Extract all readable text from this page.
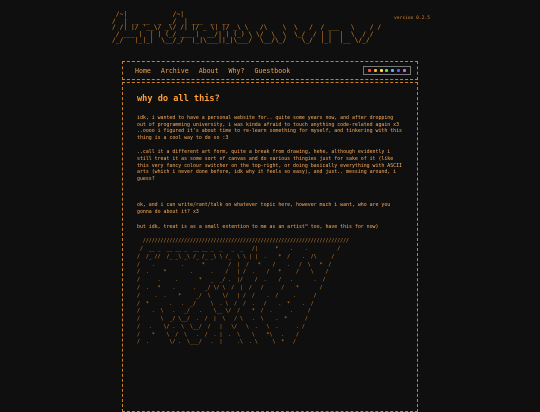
/~|            /~|
/  |  _ __  _  _/  | ___  _  __
/ /| |/ '__\/ _\/ /| |/ _ \| |/ _\ \   /\    \  \   /  / ___   \    / /
/ ___ |  | | (_/ ___ |  __/| | (_) \ \/  \  \  \_/  / | |  |  \  / /
/_/   |_|_|  \__/_/  |_|\___||_|\___/  \__/\_/    \_/  |_|  |__ \/_/
version 0.2.5
Home Archive About Why? Guestbook
why do all this?

idk, i wanted to have a personal website for.. quite some years now, and after dropping out of programming university, i was kinda afraid to touch anything code-related again x3
..oooo i figured it's about time to re-learn something for myself, and tinkering with this thing is a cool way to do so :3

..call it a different art form, quite a break from drawing, hehe, although evidently i still treat it as some sort of canvas and do various thingies just for sake of it (like this very fancy colour switcher on the top-right, or doing basically everything with ASCII arts (which i never done before, idk why it feels so easy), and just.. messing around, i guess?

ok, and i can write/rant/talk on whatever topic here, however much i want, who are you gonna do about it? x3

but idk, treat is as a small extention to me as an artist™ too, have this for now)

//////////////////////////////////////////////////////////////////////
/  __ _  __ __ _  __ __ _  _   _  _   /|      *    .    .          /
/  /_ //  /_ _\ _\ /_ /_ _\ \ /_  \ \ | |  .    *  /    .  /\     /
/    .         .      *        /  |  /   *    /    .   /  \   *  /
/  .     *        .      .    /   | /  .    /   *     /    \    /
/      .     .       *   _  _/ .  |/    /  .    /   .       .  /
/  .   *    .      .   _/ \/ \  /  |  /   /      /    *       /
/     .  .    *     _/  \    \/   | /  /    .  /     .      /
/  *       .   .  _/     \  . \  /  /  .   /    .  *    .  /
/    .  \   .   _/   .    \__ \/  /    *  /  .      .     /
/       \  _/ \__/  .  /  |  \   / \   .  \    .  *      /
/   .    \/ .  \  \__/  /   |   \/   \  .   \  .      . /
/    *    \  /  \   .  /  . |  .  \    \    *\   .    /
/  .       \/ .  \___/   .  |     .\  . \     \  *   /
